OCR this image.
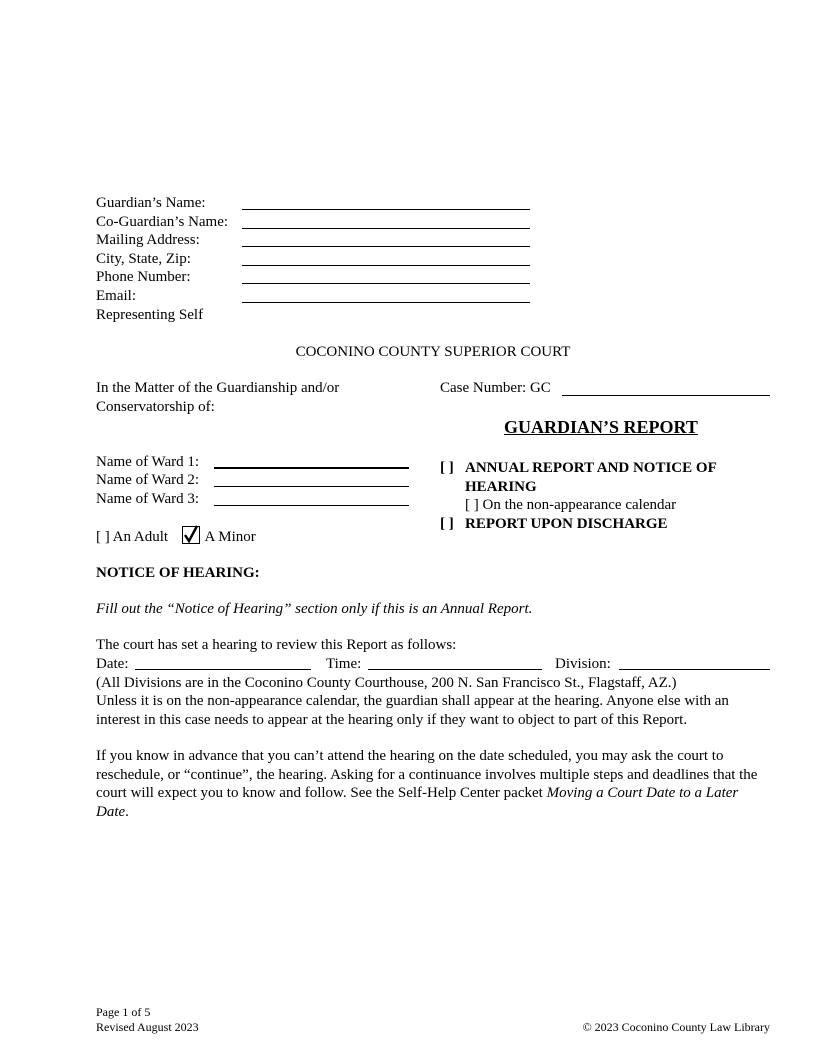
Guardian’s Name:
Co-Guardian’s Name:
Mailing Address:
City, State, Zip:
Phone Number:
Email:
Representing Self
COCONINO COUNTY SUPERIOR COURT
In the Matter of the Guardianship and/or
Conservatorship of:
Case Number: GC
GUARDIAN’S REPORT
Name of Ward 1:
Name of Ward 2:
Name of Ward 3:
[ ] ANNUAL REPORT AND NOTICE OF
HEARING
[ ] On the non-appearance calendar
[ ] REPORT UPON DISCHARGE
[ ] An Adult A Minor
NOTICE OF HEARING:
Fill out the “Notice of Hearing” section only if this is an Annual Report.
The court has set a hearing to review this Report as follows:
Date:	Time:	Division:
(All Divisions are in the Coconino County Courthouse, 200 N. San Francisco St., Flagstaff, AZ.)
Unless it is on the non-appearance calendar, the guardian shall appear at the hearing. Anyone else with an interest in this case needs to appear at the hearing only if they want to object to part of this Report.
If you know in advance that you can’t attend the hearing on the date scheduled, you may ask the court to reschedule, or “continue”, the hearing. Asking for a continuance involves multiple steps and deadlines that the court will expect you to know and follow. See the Self-Help Center packet Moving a Court Date to a Later Date.
Page 1 of 5
Revised August 2023	© 2023 Coconino County Law Library
